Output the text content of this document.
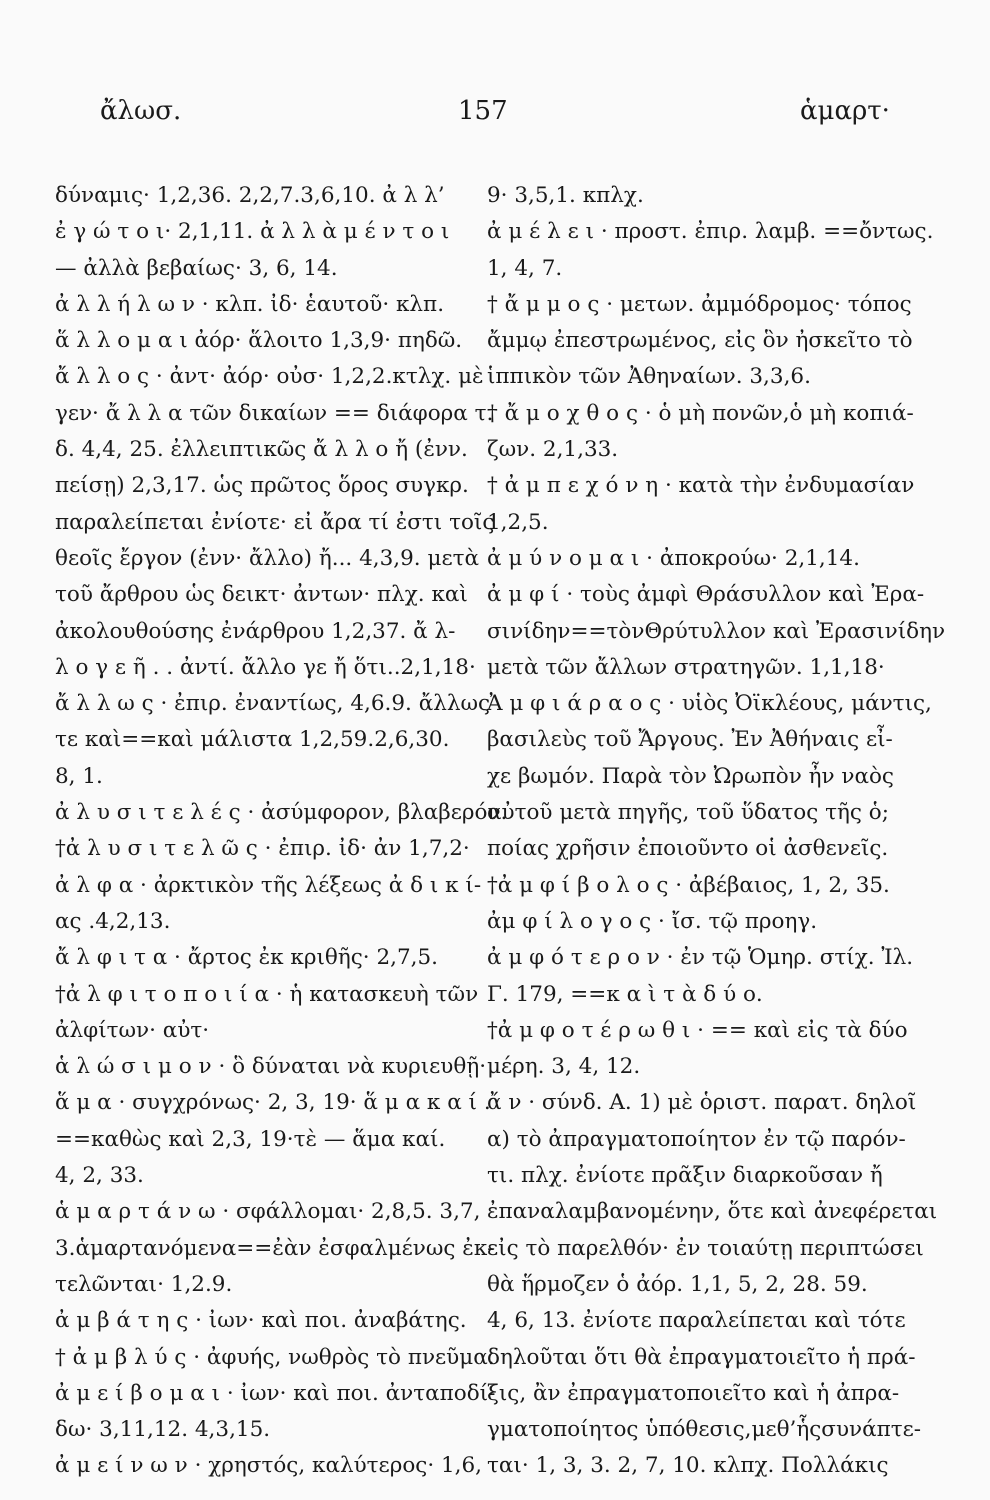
ἄλωσ.	157	ἁμαρτ·
δύναμις· 1,2,36. 2,2,7.3,6,10. ἀ λ λ’
ἐ γ ώ τ ο ι· 2,1,11. ἀ λ λ ὰ μ έ ν τ ο ι
— ἀλλὰ βεβαίως· 3, 6, 14.
ἀ λ λ ή λ ω ν · κλπ. ἰδ· ἑαυτοῦ· κλπ.
ἅ λ λ ο μ α ι ἀόρ· ἅλοιτο 1,3,9· πηδῶ.
ἄ λ λ ο ς · ἀντ· ἀόρ· οὐσ· 1,2,2.κτλχ. μὲ
γεν· ἄ λ λ α τῶν δικαίων == διάφορα τ.
δ. 4,4, 25. ἐλλειπτικῶς ἄ λ λ ο ἤ (ἐνν.
πείσῃ) 2,3,17. ὡς πρῶτος ὅρος συγκρ.
παραλείπεται ἐνίοτε· εἰ ἄρα τί ἐστι τοῖς
θεοῖς ἔργον (ἐνν· ἄλλο) ἤ... 4,3,9. μετὰ
τοῦ ἄρθρου ὡς δεικτ· ἀντων· πλχ. καὶ
ἀκολουθούσης ἐνάρθρου 1,2,37. ἄ λ-
λ ο γ ε ῆ . . ἀντί. ἄλλο γε ἤ ὅτι..2,1,18·
ἄ λ λ ω ς · ἐπιρ. ἐναντίως, 4,6.9. ἄλλως
τε καὶ==καὶ μάλιστα 1,2,59.2,6,30.
8, 1.
ἀ λ υ σ ι τ ε λ έ ς · ἀσύμφορον, βλαβερόν.
†ἀ λ υ σ ι τ ε λ ῶ ς · ἐπιρ. ἰδ· ἀν 1,7,2·
ἀ λ φ α · ἀρκτικὸν τῆς λέξεως ἀ δ ι κ ί-
ας .4,2,13.
ἄ λ φ ι τ α · ἄρτος ἐκ κριθῆς· 2,7,5.
†ἀ λ φ ι τ ο π ο ι ί α · ἡ κατασκευὴ τῶν
ἀλφίτων· αὐτ·
ἁ λ ώ σ ι μ ο ν · ὃ δύναται νὰ κυριευθῇ·
ἅ μ α · συγχρόνως· 2, 3, 19· ἅ μ α κ α ί .
==καθὼς καὶ 2,3, 19·τὲ — ἅμα καί.
4, 2, 33.
ἁ μ α ρ τ ά ν ω · σφάλλομαι· 2,8,5. 3,7,
3.ἁμαρτανόμενα==ἐὰν ἐσφαλμένως ἐκ-
τελῶνται· 1,2.9.
ἀ μ β ά τ η ς · ἰων· καὶ ποι. ἀναβάτης.
† ἀ μ β λ ύ ς · ἀφυής, νωθρὸς τὸ πνεῦμα.
ἀ μ ε ί β ο μ α ι · ἰων· καὶ ποι. ἀνταποδί-
δω· 3,11,12. 4,3,15.
ἀ μ ε ί ν ω ν · χρηστός, καλύτερος· 1,6,
9· 3,5,1. κπλχ.
ἀ μ έ λ ε ι · προστ. ἐπιρ. λαμβ. ==ὄντως.
1, 4, 7.
† ἄ μ μ ο ς · μετων. ἀμμόδρομος· τόπος
ἄμμῳ ἐπεστρωμένος, εἰς ὃν ἠσκεῖτο τὸ
ἱππικὸν τῶν Ἀθηναίων. 3,3,6.
† ἄ μ ο χ θ ο ς · ὁ μὴ πονῶν,ὁ μὴ κοπιά-
ζων. 2,1,33.
† ἀ μ π ε χ ό ν η · κατὰ τὴν ἐνδυμασίαν
1,2,5.
ἀ μ ύ ν ο μ α ι · ἀποκρούω· 2,1,14.
ἀ μ φ ί · τοὺς ἀμφὶ Θράσυλλον καὶ Ἐρα-
σινίδην==τὸνΘρύτυλλον καὶ Ἐρασινίδην
μετὰ τῶν ἄλλων στρατηγῶν. 1,1,18·
Ἀ μ φ ι ά ρ α ο ς · υἱὸς Ὀϊκλέους, μάντις,
βασιλεὺς τοῦ Ἄργους. Ἐν Ἀθήναις εἶ-
χε βωμόν. Παρὰ τὸν Ὠρωπὸν ἦν ναὸς
αὐτοῦ μετὰ πηγῆς, τοῦ ὕδατος τῆς ὁ;
ποίας χρῆσιν ἐποιοῦντο οἱ ἀσθενεῖς.
†ἀ μ φ ί β ο λ ο ς · ἀβέβαιος, 1, 2, 35.
ἀμ φ ί λ ο γ ο ς · ἴσ. τῷ προηγ.
ἀ μ φ ό τ ε ρ ο ν · ἐν τῷ Ὁμηρ. στίχ. Ἰλ.
Γ. 179, ==κ α ὶ τ ὰ δ ύ ο.
†ἀ μ φ ο τ έ ρ ω θ ι · == καὶ εἰς τὰ δύο
μέρη. 3, 4, 12.
ἄ ν · σύνδ. Α. 1) μὲ ὁριστ. παρατ. δηλοῖ
α) τὸ ἀπραγματοποίητον ἐν τῷ παρόν-
τι. πλχ. ἐνίοτε πρᾶξιν διαρκοῦσαν ἤ
ἐπαναλαμβανομένην, ὅτε καὶ ἀνεφέρεται
εἰς τὸ παρελθόν· ἐν τοιαύτῃ περιπτώσει
θὰ ἥρμοζεν ὁ ἀόρ. 1,1, 5, 2, 28. 59.
4, 6, 13. ἐνίοτε παραλείπεται καὶ τότε
δηλοῦται ὅτι θὰ ἐπραγματοιεῖτο ἡ πρά-
ξις, ἂν ἐπραγματοποιεῖτο καὶ ἡ ἀπρα-
γματοποίητος ὑπόθεσις,μεθ’ἧςσυνάπτε-
ται· 1, 3, 3. 2, 7, 10. κλπχ. Πολλάκις
